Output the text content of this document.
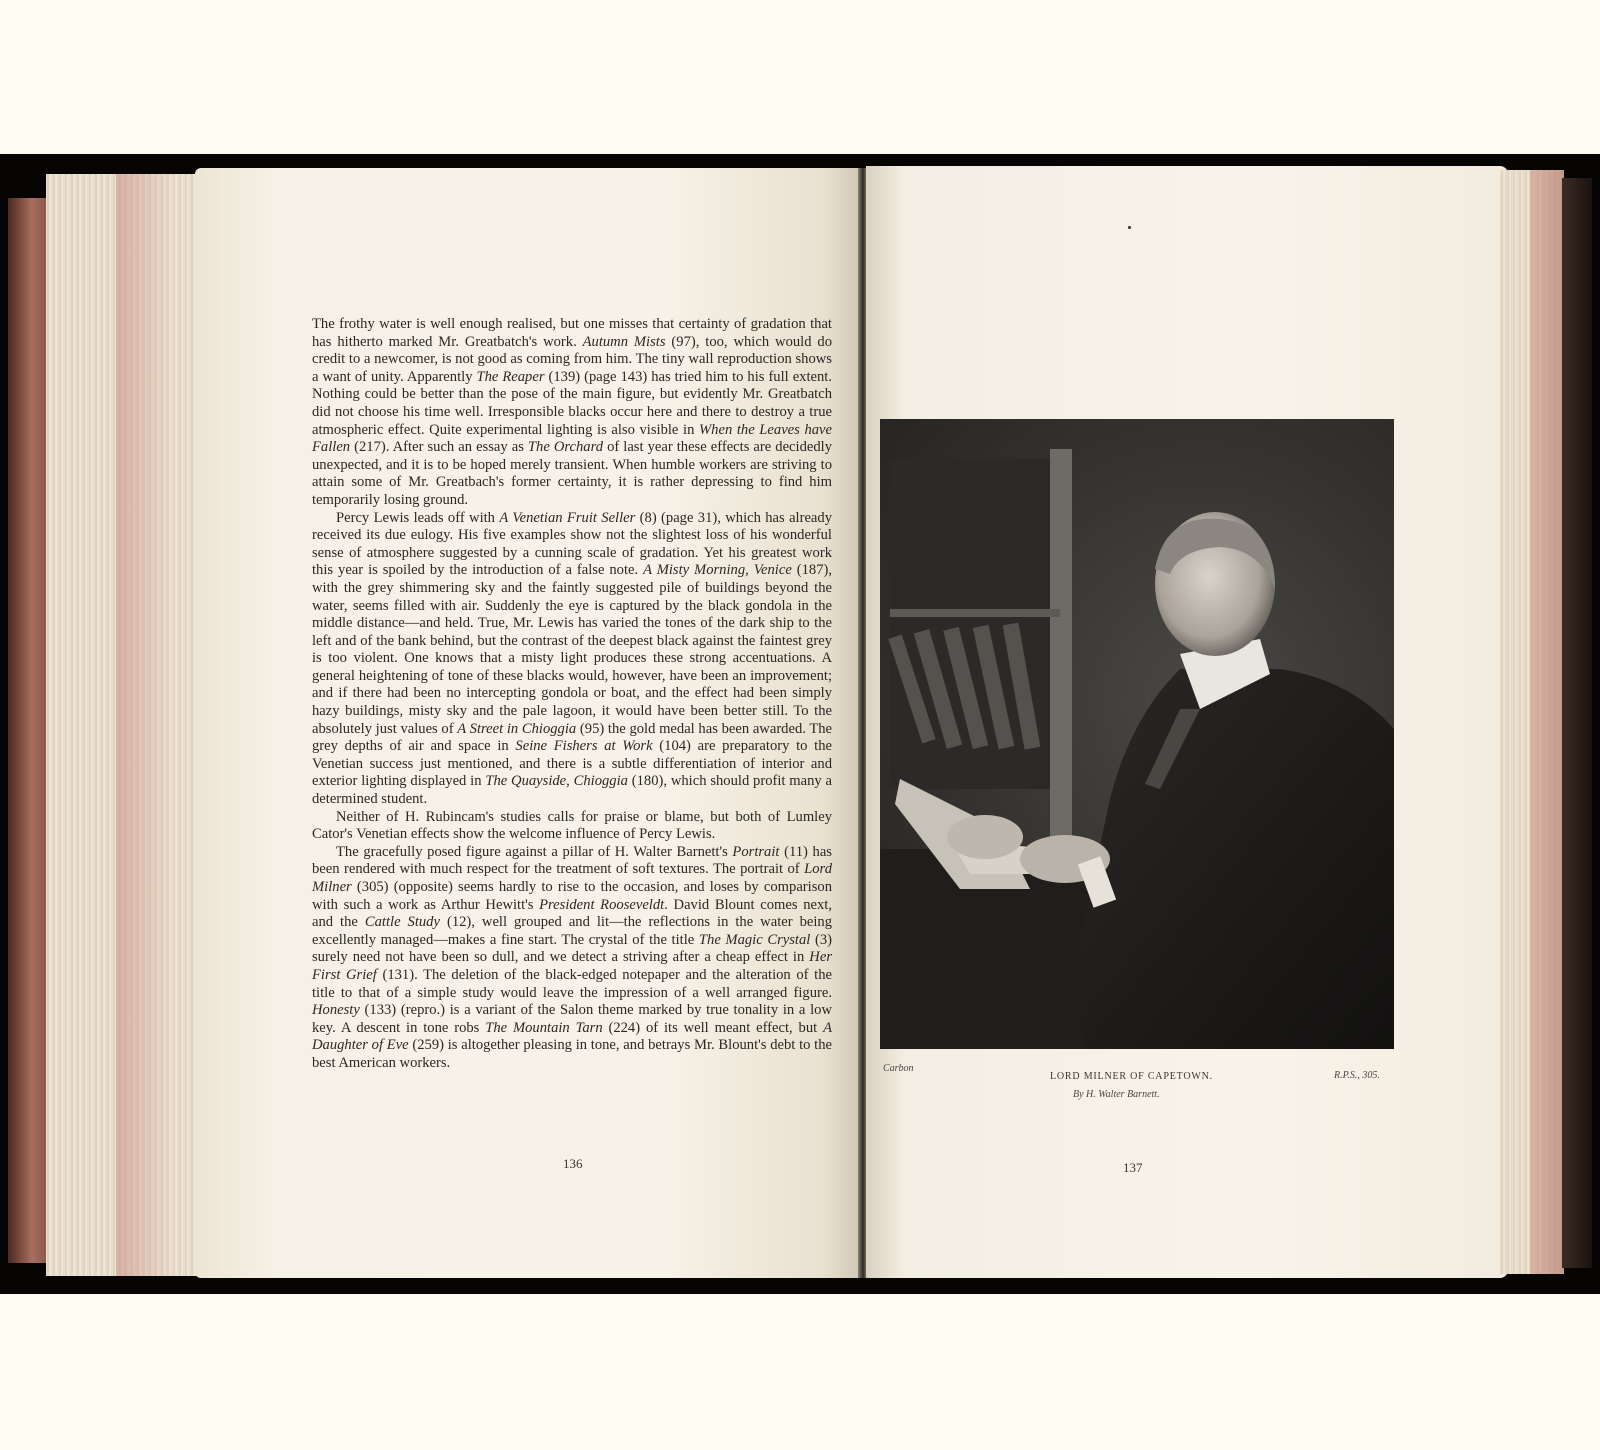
The frothy water is well enough realised, but one misses that certainty of gradation that has hitherto marked Mr. Greatbatch's work. Autumn Mists (97), too, which would do credit to a newcomer, is not good as coming from him. The tiny wall reproduction shows a want of unity. Apparently The Reaper (139) (page 143) has tried him to his full extent. Nothing could be better than the pose of the main figure, but evidently Mr. Greatbatch did not choose his time well. Irresponsible blacks occur here and there to destroy a true atmospheric effect. Quite experimental lighting is also visible in When the Leaves have Fallen (217). After such an essay as The Orchard of last year these effects are decidedly unexpected, and it is to be hoped merely transient. When humble workers are striving to attain some of Mr. Greatbach's former certainty, it is rather depressing to find him temporarily losing ground.

Percy Lewis leads off with A Venetian Fruit Seller (8) (page 31), which has already received its due eulogy. His five examples show not the slightest loss of his wonderful sense of atmosphere suggested by a cunning scale of gradation. Yet his greatest work this year is spoiled by the introduction of a false note. A Misty Morning, Venice (187), with the grey shimmering sky and the faintly suggested pile of buildings beyond the water, seems filled with air. Suddenly the eye is captured by the black gondola in the middle distance—and held. True, Mr. Lewis has varied the tones of the dark ship to the left and of the bank behind, but the contrast of the deepest black against the faintest grey is too violent. One knows that a misty light produces these strong accentuations. A general heightening of tone of these blacks would, however, have been an improvement; and if there had been no intercepting gondola or boat, and the effect had been simply hazy buildings, misty sky and the pale lagoon, it would have been better still. To the absolutely just values of A Street in Chioggia (95) the gold medal has been awarded. The grey depths of air and space in Seine Fishers at Work (104) are preparatory to the Venetian success just mentioned, and there is a subtle differentiation of interior and exterior lighting displayed in The Quayside, Chioggia (180), which should profit many a determined student.

Neither of H. Rubincam's studies calls for praise or blame, but both of Lumley Cator's Venetian effects show the welcome influence of Percy Lewis.

The gracefully posed figure against a pillar of H. Walter Barnett's Portrait (11) has been rendered with much respect for the treatment of soft textures. The portrait of Lord Milner (305) (opposite) seems hardly to rise to the occasion, and loses by comparison with such a work as Arthur Hewitt's President Rooseveldt. David Blount comes next, and the Cattle Study (12), well grouped and lit—the reflections in the water being excellently managed—makes a fine start. The crystal of the title The Magic Crystal (3) surely need not have been so dull, and we detect a striving after a cheap effect in Her First Grief (131). The deletion of the black-edged notepaper and the alteration of the title to that of a simple study would leave the impression of a well arranged figure. Honesty (133) (repro.) is a variant of the Salon theme marked by true tonality in a low key. A descent in tone robs The Mountain Tarn (224) of its well meant effect, but A Daughter of Eve (259) is altogether pleasing in tone, and betrays Mr. Blount's debt to the best American workers.

136
Carbon
LORD MILNER OF CAPETOWN.
By H. Walter Barnett.
R.P.S., 305.
137
